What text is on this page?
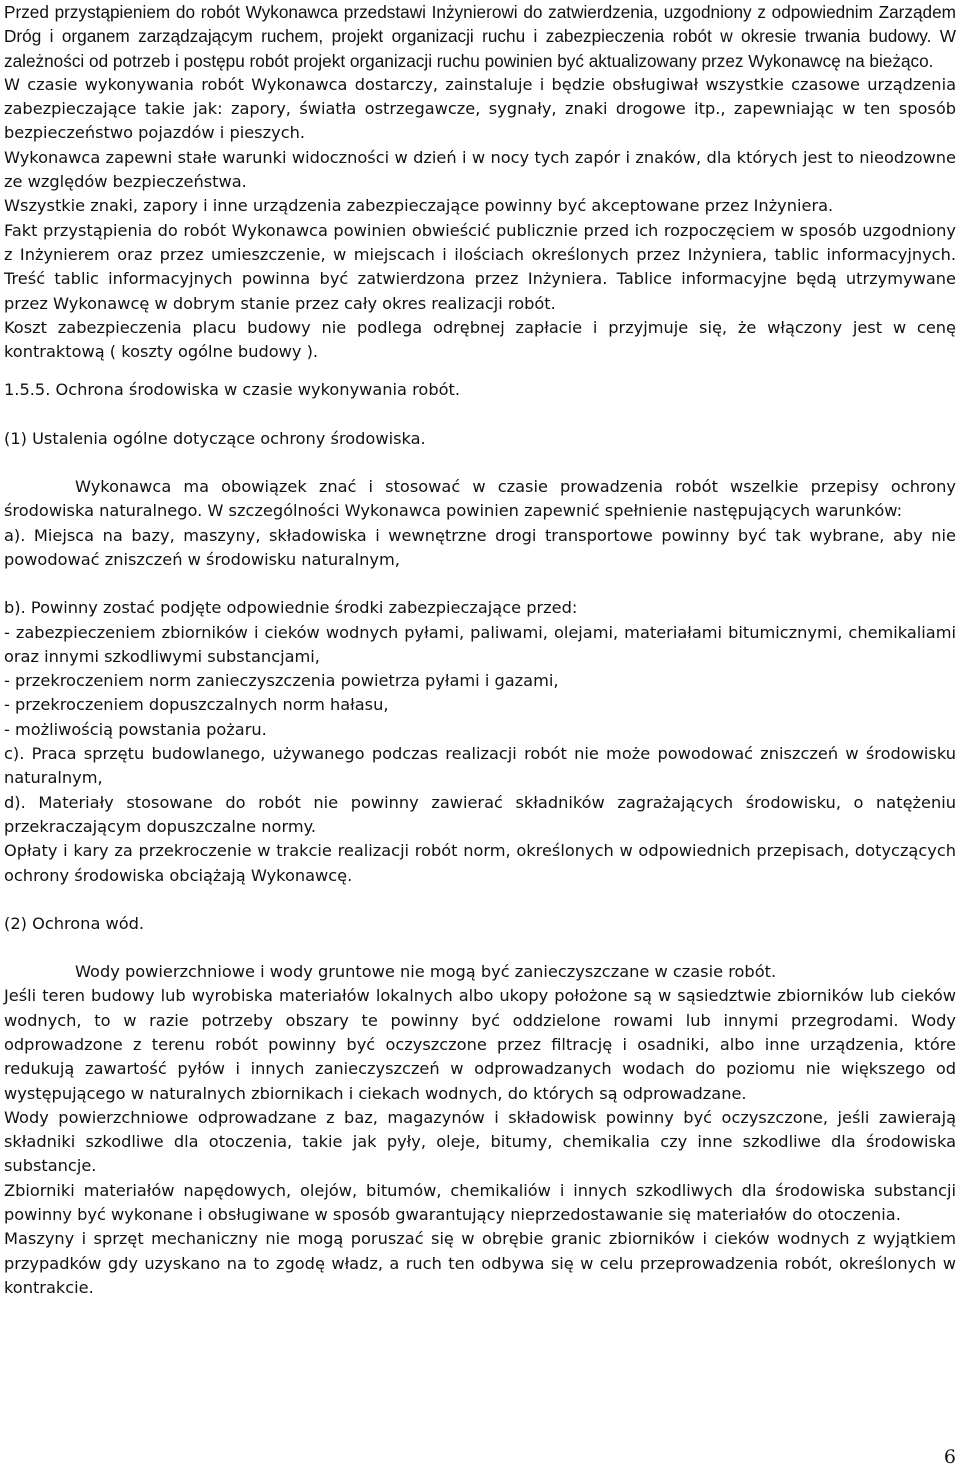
Przed przystąpieniem do robót Wykonawca przedstawi Inżynierowi do zatwierdzenia, uzgodniony z odpowiednim Zarządem Dróg i organem zarządzającym ruchem, projekt organizacji ruchu i zabezpieczenia robót w okresie trwania budowy. W zależności od potrzeb i postępu robót projekt organizacji ruchu powinien być aktualizowany przez Wykonawcę na bieżąco.

W czasie wykonywania robót Wykonawca dostarczy, zainstaluje i będzie obsługiwał wszystkie czasowe urządzenia zabezpieczające takie jak: zapory, światła ostrzegawcze, sygnały, znaki drogowe itp., zapewniając w ten sposób bezpieczeństwo pojazdów i pieszych.

Wykonawca zapewni stałe warunki widoczności w dzień i w nocy tych zapór i znaków, dla których jest to nieodzowne ze względów bezpieczeństwa.

Wszystkie znaki, zapory i inne urządzenia zabezpieczające powinny być akceptowane przez Inżyniera.

Fakt przystąpienia do robót Wykonawca powinien obwieścić publicznie przed ich rozpoczęciem w sposób uzgodniony z Inżynierem oraz przez umieszczenie, w miejscach i ilościach określonych przez Inżyniera, tablic informacyjnych. Treść tablic informacyjnych powinna być zatwierdzona przez Inżyniera. Tablice informacyjne będą utrzymywane przez Wykonawcę w dobrym stanie przez cały okres realizacji robót.

Koszt zabezpieczenia placu budowy nie podlega odrębnej zapłacie i przyjmuje się, że włączony jest w cenę kontraktową ( koszty ogólne budowy ).

1.5.5. Ochrona środowiska w czasie wykonywania robót.

(1) Ustalenia ogólne dotyczące ochrony środowiska.

Wykonawca ma obowiązek znać i stosować w czasie prowadzenia robót wszelkie przepisy ochrony środowiska naturalnego. W szczególności Wykonawca powinien zapewnić spełnienie następujących warunków:

a). Miejsca na bazy, maszyny, składowiska i wewnętrzne drogi transportowe powinny być tak wybrane, aby nie powodować zniszczeń w środowisku naturalnym,

b). Powinny zostać podjęte odpowiednie środki zabezpieczające przed:

- zabezpieczeniem zbiorników i cieków wodnych pyłami, paliwami, olejami, materiałami bitumicznymi, chemikaliami oraz innymi szkodliwymi substancjami,

- przekroczeniem norm zanieczyszczenia powietrza pyłami i gazami,

- przekroczeniem dopuszczalnych norm hałasu,

- możliwością powstania pożaru.

c). Praca sprzętu budowlanego, używanego podczas realizacji robót nie może powodować zniszczeń w środowisku naturalnym,

d). Materiały stosowane do robót nie powinny zawierać składników zagrażających środowisku, o natężeniu przekraczającym dopuszczalne normy.

Opłaty i kary za przekroczenie w trakcie realizacji robót norm, określonych w odpowiednich przepisach, dotyczących ochrony środowiska obciążają Wykonawcę.

(2) Ochrona wód.

Wody powierzchniowe i wody gruntowe nie mogą być zanieczyszczane w czasie robót.

Jeśli teren budowy lub wyrobiska materiałów lokalnych albo ukopy położone są w sąsiedztwie zbiorników lub cieków wodnych, to w razie potrzeby obszary te powinny być oddzielone rowami lub innymi przegrodami. Wody odprowadzone z terenu robót powinny być oczyszczone przez filtrację i osadniki, albo inne urządzenia, które redukują zawartość pyłów i innych zanieczyszczeń w odprowadzanych wodach do poziomu nie większego od występującego w naturalnych zbiornikach i ciekach wodnych, do których są odprowadzane.

Wody powierzchniowe odprowadzane z baz, magazynów i składowisk powinny być oczyszczone, jeśli zawierają składniki szkodliwe dla otoczenia, takie jak pyły, oleje, bitumy, chemikalia czy inne szkodliwe dla środowiska substancje.

Zbiorniki materiałów napędowych, olejów, bitumów, chemikaliów i innych szkodliwych dla środowiska substancji powinny być wykonane i obsługiwane w sposób gwarantujący nieprzedostawanie się materiałów do otoczenia.

Maszyny i sprzęt mechaniczny nie mogą poruszać się w obrębie granic zbiorników i cieków wodnych z wyjątkiem przypadków gdy uzyskano na to zgodę władz, a ruch ten odbywa się w celu przeprowadzenia robót, określonych w kontrakcie.

6
